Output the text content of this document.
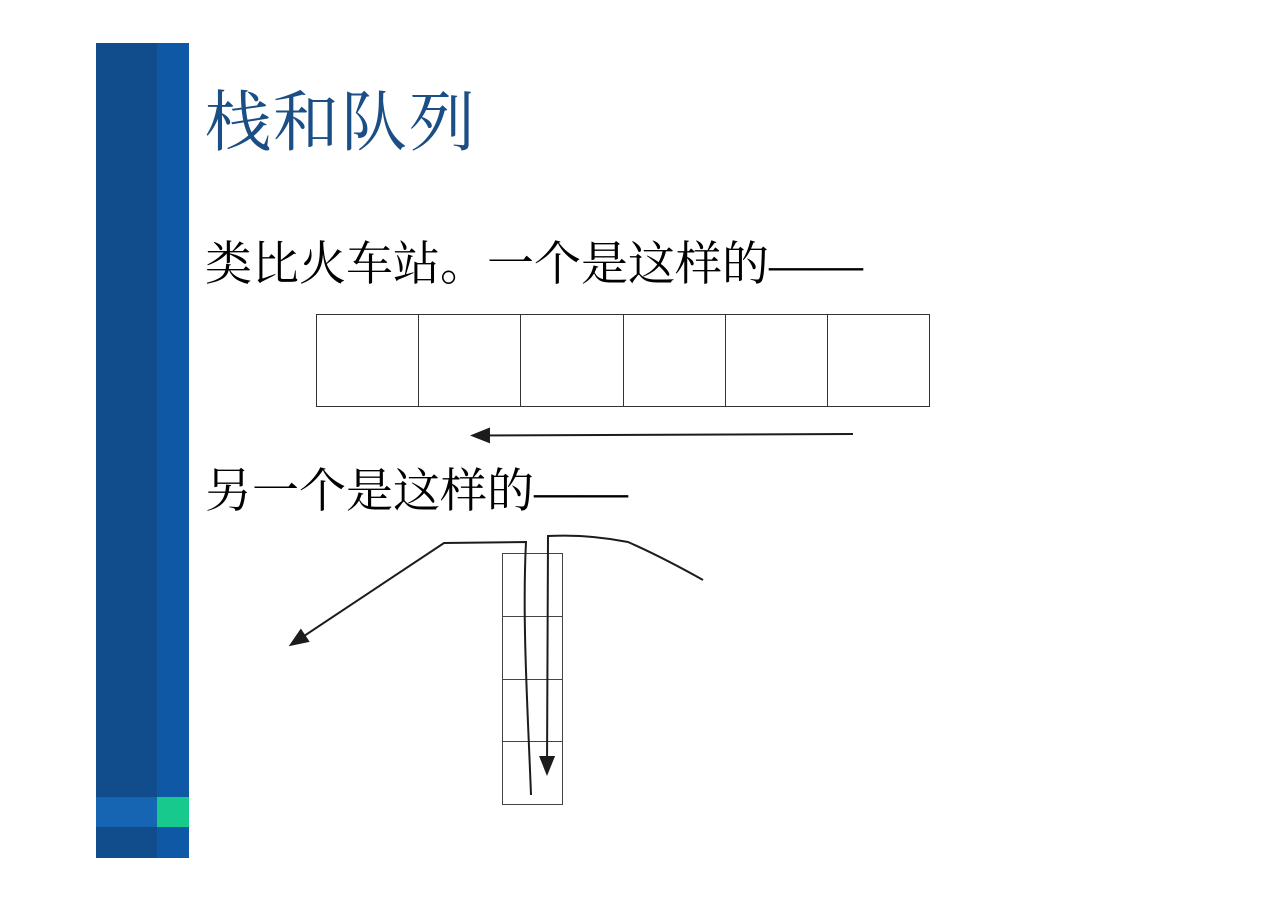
栈和队列
类比火车站。一个是这样的——
另一个是这样的——
